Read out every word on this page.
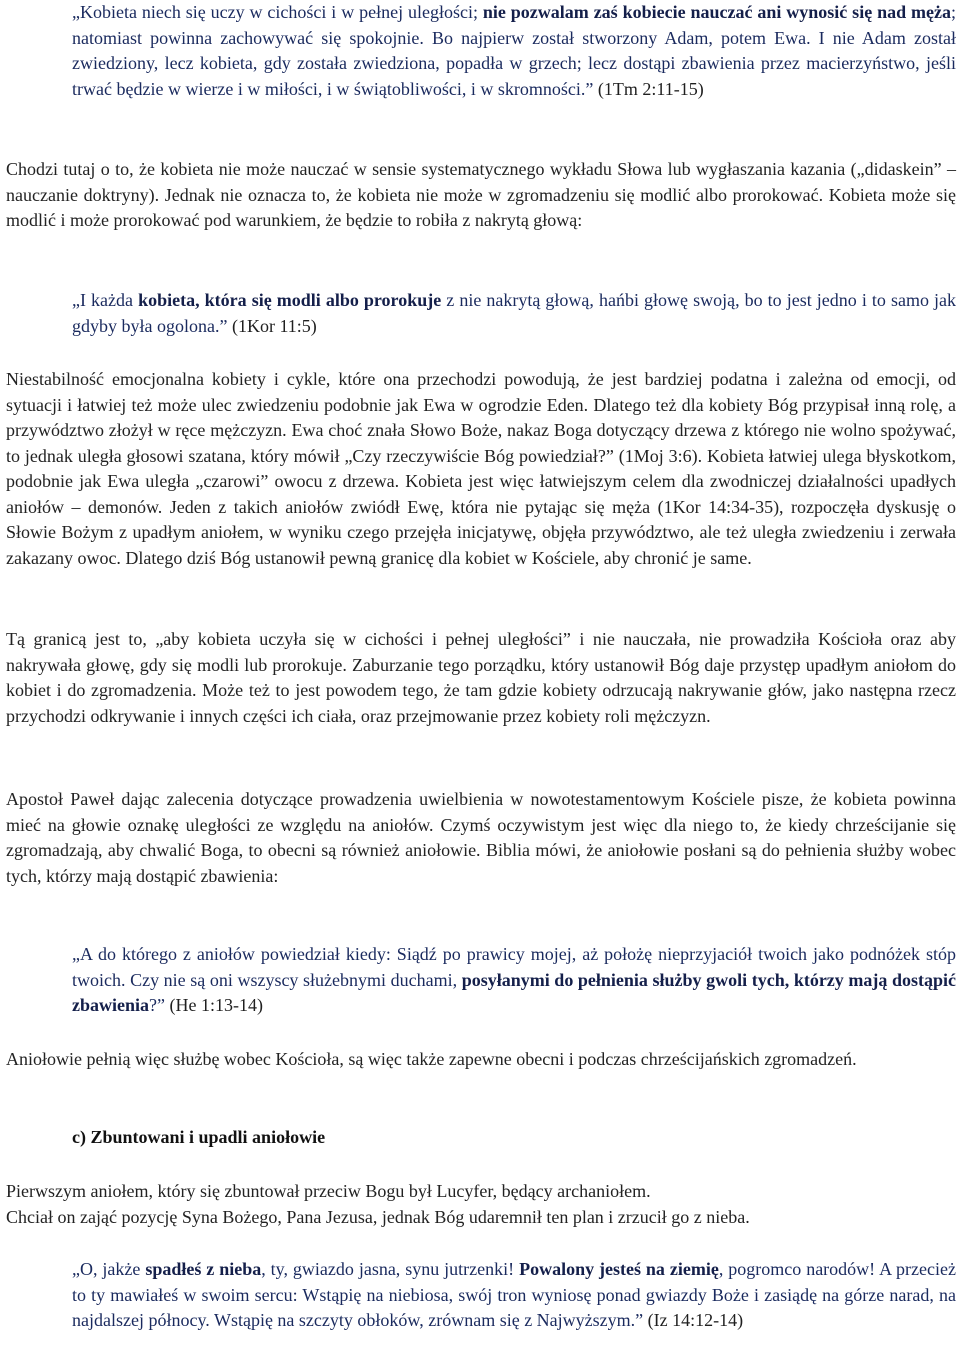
„Kobieta niech się uczy w cichości i w pełnej uległości; nie pozwalam zaś kobiecie nauczać ani wynosić się nad męża; natomiast powinna zachowywać się spokojnie. Bo najpierw został stworzony Adam, potem Ewa. I nie Adam został zwiedziony, lecz kobieta, gdy została zwiedziona, popadła w grzech; lecz dostąpi zbawienia przez macierzyństwo, jeśli trwać będzie w wierze i w miłości, i w świątobliwości, i w skromności.” (1Tm 2:11-15)

Chodzi tutaj o to, że kobieta nie może nauczać w sensie systematycznego wykładu Słowa lub wygłaszania kazania („didaskein” – nauczanie doktryny). Jednak nie oznacza to, że kobieta nie może w zgromadzeniu się modlić albo prorokować. Kobieta może się modlić i może prorokować pod warunkiem, że będzie to robiła z nakrytą głową:

„I każda kobieta, która się modli albo prorokuje z nie nakrytą głową, hańbi głowę swoją, bo to jest jedno i to samo jak gdyby była ogolona.” (1Kor 11:5)

Niestabilność emocjonalna kobiety i cykle, które ona przechodzi powodują, że jest bardziej podatna i zależna od emocji, od sytuacji i łatwiej też może ulec zwiedzeniu podobnie jak Ewa w ogrodzie Eden. Dlatego też dla kobiety Bóg przypisał inną rolę, a przywództwo złożył w ręce mężczyzn. Ewa choć znała Słowo Boże, nakaz Boga dotyczący drzewa z którego nie wolno spożywać, to jednak uległa głosowi szatana, który mówił „Czy rzeczywiście Bóg powiedział?” (1Moj 3:6). Kobieta łatwiej ulega błyskotkom, podobnie jak Ewa uległa „czarowi” owocu z drzewa. Kobieta jest więc łatwiejszym celem dla zwodniczej działalności upadłych aniołów – demonów. Jeden z takich aniołów zwiódł Ewę, która nie pytając się męża (1Kor 14:34-35), rozpoczęła dyskusję o Słowie Bożym z upadłym aniołem, w wyniku czego przejęła inicjatywę, objęła przywództwo, ale też uległa zwiedzeniu i zerwała zakazany owoc. Dlatego dziś Bóg ustanowił pewną granicę dla kobiet w Kościele, aby chronić je same.

Tą granicą jest to, „aby kobieta uczyła się w cichości i pełnej uległości” i nie nauczała, nie prowadziła Kościoła oraz aby nakrywała głowę, gdy się modli lub prorokuje. Zaburzanie tego porządku, który ustanowił Bóg daje przystęp upadłym aniołom do kobiet i do zgromadzenia. Może też to jest powodem tego, że tam gdzie kobiety odrzucają nakrywanie głów, jako następna rzecz przychodzi odkrywanie i innych części ich ciała, oraz przejmowanie przez kobiety roli mężczyzn.

Apostoł Paweł dając zalecenia dotyczące prowadzenia uwielbienia w nowotestamentowym Kościele pisze, że kobieta powinna mieć na głowie oznakę uległości ze względu na aniołów. Czymś oczywistym jest więc dla niego to, że kiedy chrześcijanie się zgromadzają, aby chwalić Boga, to obecni są również aniołowie. Biblia mówi, że aniołowie posłani są do pełnienia służby wobec tych, którzy mają dostąpić zbawienia:

„A do którego z aniołów powiedział kiedy: Siądź po prawicy mojej, aż położę nieprzyjaciół twoich jako podnóżek stóp twoich. Czy nie są oni wszyscy służebnymi duchami, posyłanymi do pełnienia służby gwoli tych, którzy mają dostąpić zbawienia?” (He 1:13-14)

Aniołowie pełnią więc służbę wobec Kościoła, są więc także zapewne obecni i podczas chrześcijańskich zgromadzeń.

c) Zbuntowani i upadli aniołowie

Pierwszym aniołem, który się zbuntował przeciw Bogu był Lucyfer, będący archaniołem.

Chciał on zająć pozycję Syna Bożego, Pana Jezusa, jednak Bóg udaremnił ten plan i zrzucił go z nieba.

„O, jakże spadłeś z nieba, ty, gwiazdo jasna, synu jutrzenki! Powalony jesteś na ziemię, pogromco narodów! A przecież to ty mawiałeś w swoim sercu: Wstąpię na niebiosa, swój tron wyniosę ponad gwiazdy Boże i zasiądę na górze narad, na najdalszej północy. Wstąpię na szczyty obłoków, zrównam się z Najwyższym.” (Iz 14:12-14)
